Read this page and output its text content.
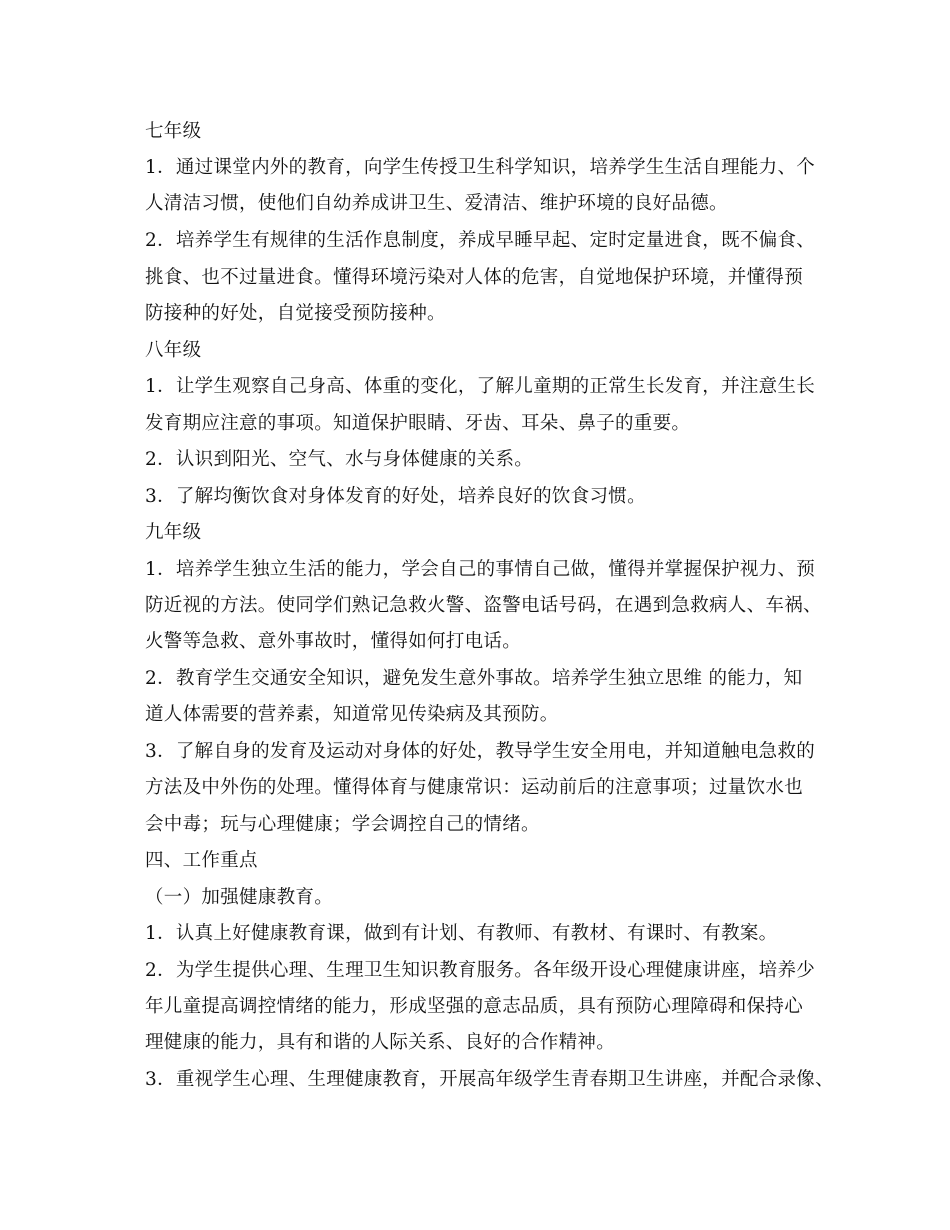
七年级
1．通过课堂内外的教育，向学生传授卫生科学知识，培养学生生活自理能力、个
人清洁习惯，使他们自幼养成讲卫生、爱清洁、维护环境的良好品德。
2．培养学生有规律的生活作息制度，养成早睡早起、定时定量进食，既不偏食、
挑食、也不过量进食。懂得环境污染对人体的危害，自觉地保护环境，并懂得预
防接种的好处，自觉接受预防接种。
八年级
1．让学生观察自己身高、体重的变化，了解儿童期的正常生长发育，并注意生长
发育期应注意的事项。知道保护眼睛、牙齿、耳朵、鼻子的重要。
2．认识到阳光、空气、水与身体健康的关系。
3．了解均衡饮食对身体发育的好处，培养良好的饮食习惯。
九年级
1．培养学生独立生活的能力，学会自己的事情自己做，懂得并掌握保护视力、预
防近视的方法。使同学们熟记急救火警、盗警电话号码，在遇到急救病人、车祸、
火警等急救、意外事故时，懂得如何打电话。
2．教育学生交通安全知识，避免发生意外事故。培养学生独立思维 的能力，知
道人体需要的营养素，知道常见传染病及其预防。
3．了解自身的发育及运动对身体的好处，教导学生安全用电，并知道触电急救的
方法及中外伤的处理。懂得体育与健康常识：运动前后的注意事项；过量饮水也
会中毒；玩与心理健康；学会调控自己的情绪。
四、工作重点
（一）加强健康教育。
1．认真上好健康教育课，做到有计划、有教师、有教材、有课时、有教案。
2．为学生提供心理、生理卫生知识教育服务。各年级开设心理健康讲座，培养少
年儿童提高调控情绪的能力，形成坚强的意志品质，具有预防心理障碍和保持心
理健康的能力，具有和谐的人际关系、良好的合作精神。
3．重视学生心理、生理健康教育，开展高年级学生青春期卫生讲座，并配合录像、
